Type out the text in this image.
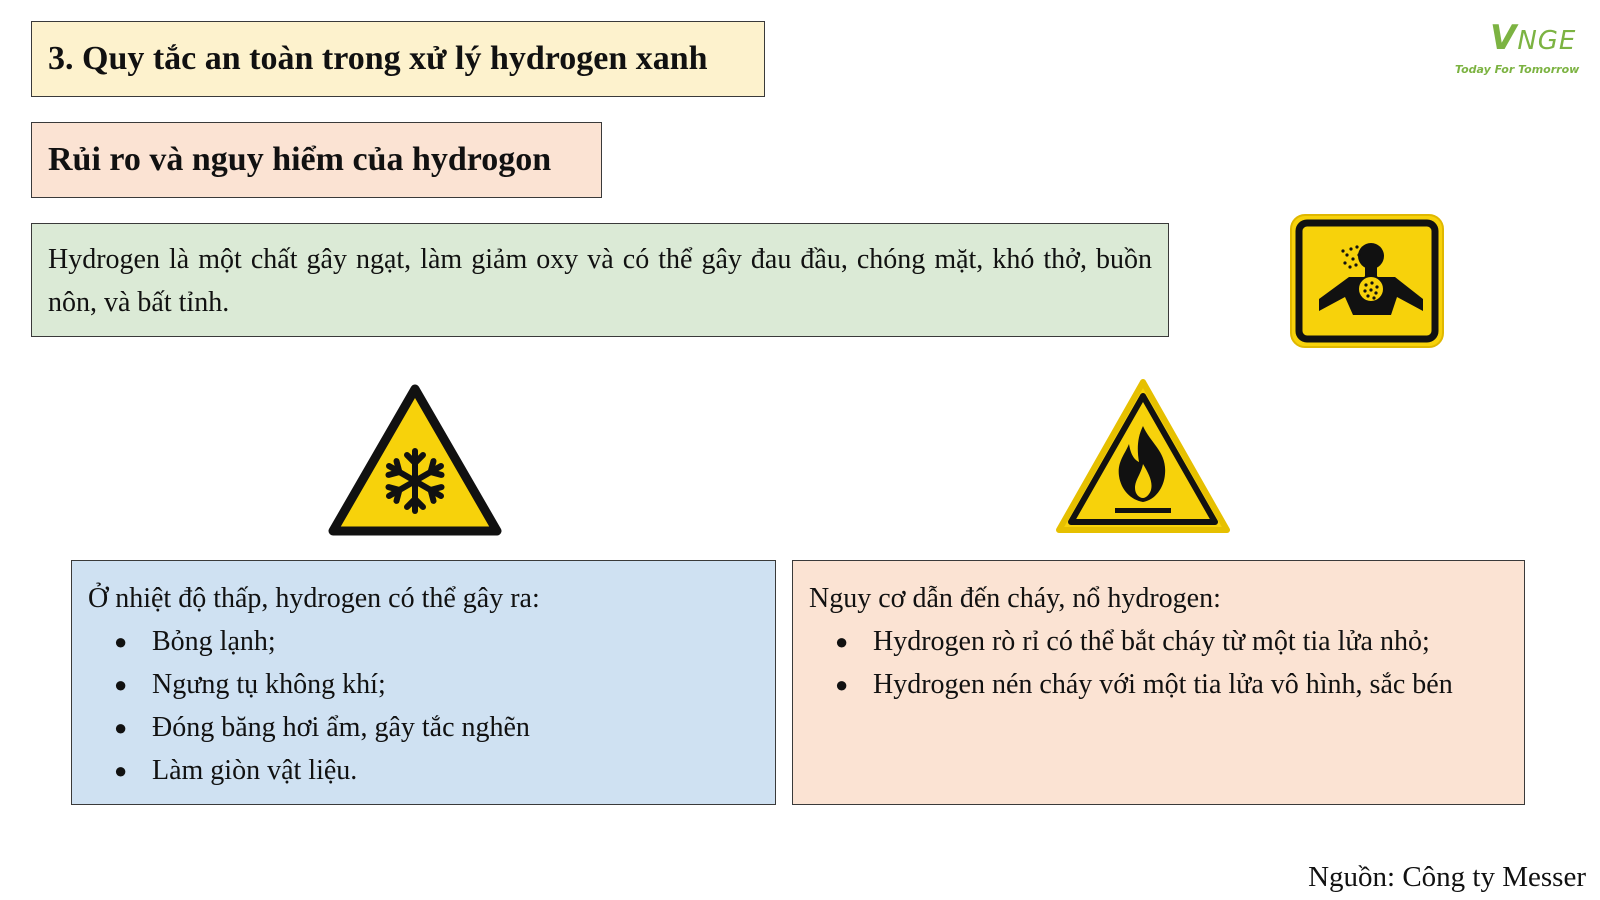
3. Quy tắc an toàn trong xử lý hydrogen xanh
Rủi ro và nguy hiểm của hydrogon
Hydrogen là một chất gây ngạt, làm giảm oxy và có thể gây đau đầu, chóng mặt, khó thở, buồn nôn, và bất tỉnh.
VNGE
Today For Tomorrow
Ở nhiệt độ thấp, hydrogen có thể gây ra:
● Bỏng lạnh;
● Ngưng tụ không khí;
● Đóng băng hơi ẩm, gây tắc nghẽn
● Làm giòn vật liệu.
Nguy cơ dẫn đến cháy, nổ hydrogen:
● Hydrogen rò rỉ có thể bắt cháy từ một tia lửa nhỏ;
● Hydrogen nén cháy với một tia lửa vô hình, sắc bén
Nguồn: Công ty Messer
